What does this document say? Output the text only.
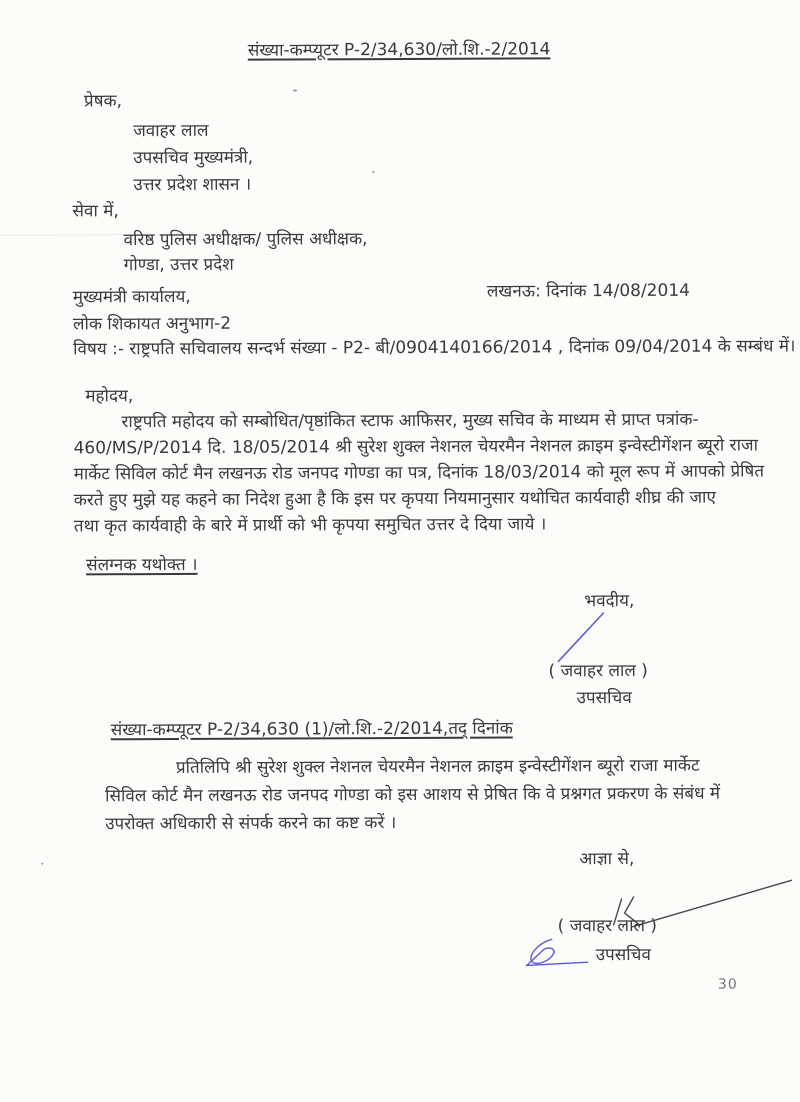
संख्या-कम्प्यूटर P-2/34,630/लो.शि.-2/2014
प्रेषक,
जवाहर लाल
उपसचिव मुख्यमंत्री,
उत्तर प्रदेश शासन ।
सेवा में,
वरिष्ठ पुलिस अधीक्षक/ पुलिस अधीक्षक,
गोण्डा, उत्तर प्रदेश
मुख्यमंत्री कार्यालय,	लखनऊ: दिनांक 14/08/2014
लोक शिकायत अनुभाग-2
विषय :- राष्ट्रपति सचिवालय सन्दर्भ संख्या - P2- बी/0904140166/2014 , दिनांक 09/04/2014 के सम्बंध में।
महोदय,
राष्ट्रपति महोदय को सम्बोधित/पृष्ठांकित स्टाफ आफिसर, मुख्य सचिव के माध्यम से प्राप्त पत्रांक-
460/MS/P/2014 दि. 18/05/2014 श्री सुरेश शुक्ल नेशनल चेयरमैन नेशनल क्राइम इन्वेस्टीगेंशन ब्यूरो राजा
मार्केट सिविल कोर्ट मैन लखनऊ रोड जनपद गोण्डा का पत्र, दिनांक 18/03/2014 को मूल रूप में आपको प्रेषित
करते हुए मुझे यह कहने का निदेश हुआ है कि इस पर कृपया नियमानुसार यथोचित कार्यवाही शीघ्र की जाए
तथा कृत कार्यवाही के बारे में प्रार्थी को भी कृपया समुचित उत्तर दे दिया जाये ।
संलग्नक यथोक्त ।
भवदीय,
( जवाहर लाल )
उपसचिव
संख्या-कम्प्यूटर P-2/34,630 (1)/लो.शि.-2/2014,तद् दिनांक
प्रतिलिपि श्री सुरेश शुक्ल नेशनल चेयरमैन नेशनल क्राइम इन्वेस्टीगेंशन ब्यूरो राजा मार्केट
सिविल कोर्ट मैन लखनऊ रोड जनपद गोण्डा को इस आशय से प्रेषित कि वे प्रश्नगत प्रकरण के संबंध में
उपरोक्त अधिकारी से संपर्क करने का कष्ट करें ।
आज्ञा से,
( जवाहर लाल )
उपसचिव
30
